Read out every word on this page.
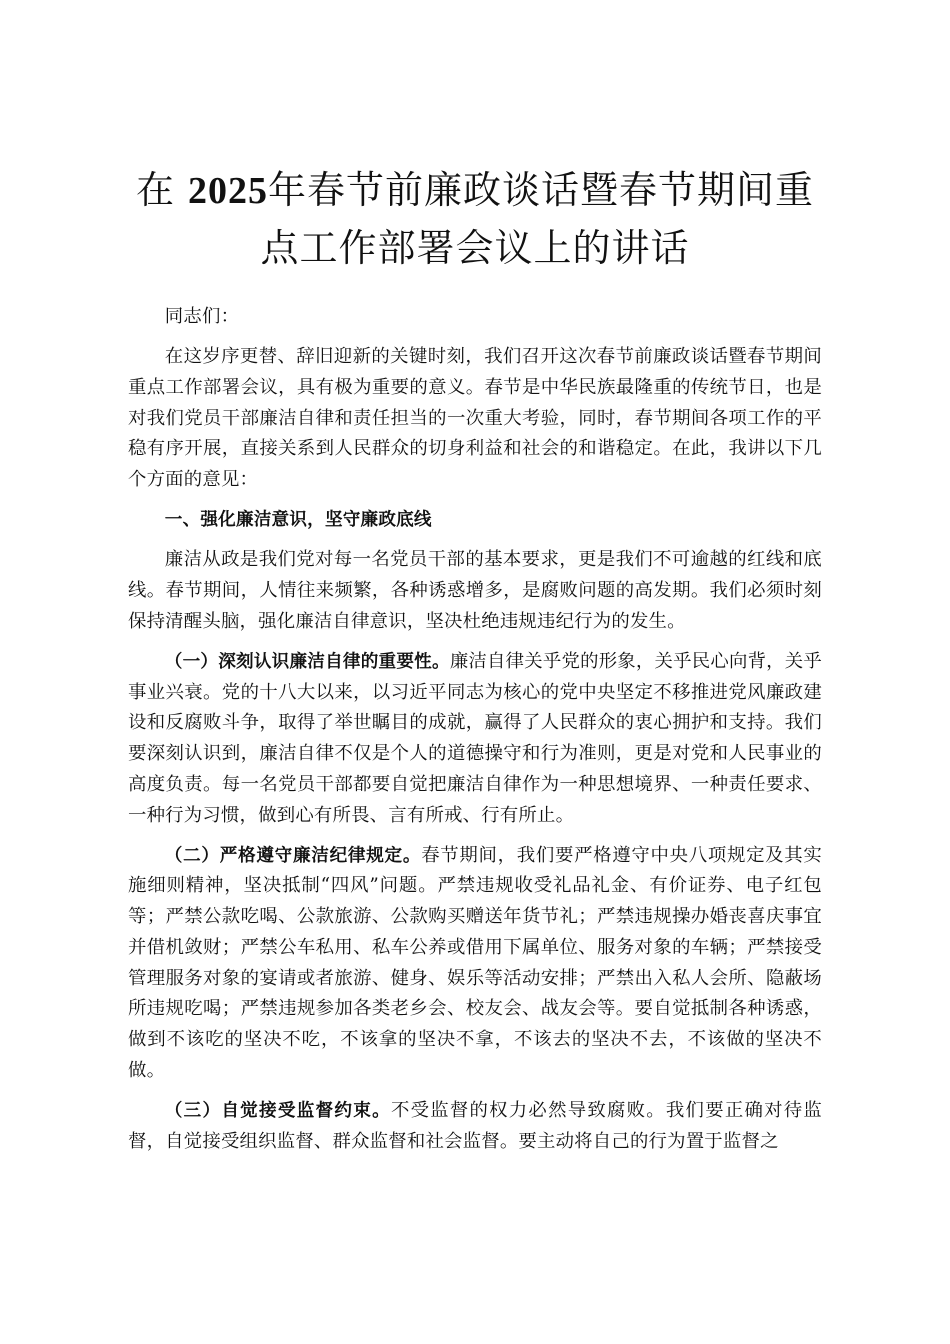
在 2025年春节前廉政谈话暨春节期间重点工作部署会议上的讲话

同志们：

在这岁序更替、辞旧迎新的关键时刻，我们召开这次春节前廉政谈话暨春节期间重点工作部署会议，具有极为重要的意义。春节是中华民族最隆重的传统节日，也是对我们党员干部廉洁自律和责任担当的一次重大考验，同时，春节期间各项工作的平稳有序开展，直接关系到人民群众的切身利益和社会的和谐稳定。在此，我讲以下几个方面的意见：

一、强化廉洁意识，坚守廉政底线

廉洁从政是我们党对每一名党员干部的基本要求，更是我们不可逾越的红线和底线。春节期间，人情往来频繁，各种诱惑增多，是腐败问题的高发期。我们必须时刻保持清醒头脑，强化廉洁自律意识，坚决杜绝违规违纪行为的发生。

（一）深刻认识廉洁自律的重要性。廉洁自律关乎党的形象，关乎民心向背，关乎事业兴衰。党的十八大以来，以习近平同志为核心的党中央坚定不移推进党风廉政建设和反腐败斗争，取得了举世瞩目的成就，赢得了人民群众的衷心拥护和支持。我们要深刻认识到，廉洁自律不仅是个人的道德操守和行为准则，更是对党和人民事业的高度负责。每一名党员干部都要自觉把廉洁自律作为一种思想境界、一种责任要求、一种行为习惯，做到心有所畏、言有所戒、行有所止。

（二）严格遵守廉洁纪律规定。春节期间，我们要严格遵守中央八项规定及其实施细则精神，坚决抵制“四风”问题。严禁违规收受礼品礼金、有价证券、电子红包等；严禁公款吃喝、公款旅游、公款购买赠送年货节礼；严禁违规操办婚丧喜庆事宜并借机敛财；严禁公车私用、私车公养或借用下属单位、服务对象的车辆；严禁接受管理服务对象的宴请或者旅游、健身、娱乐等活动安排；严禁出入私人会所、隐蔽场所违规吃喝；严禁违规参加各类老乡会、校友会、战友会等。要自觉抵制各种诱惑，做到不该吃的坚决不吃，不该拿的坚决不拿，不该去的坚决不去，不该做的坚决不做。

（三）自觉接受监督约束。不受监督的权力必然导致腐败。我们要正确对待监督，自觉接受组织监督、群众监督和社会监督。要主动将自己的行为置于监督之
